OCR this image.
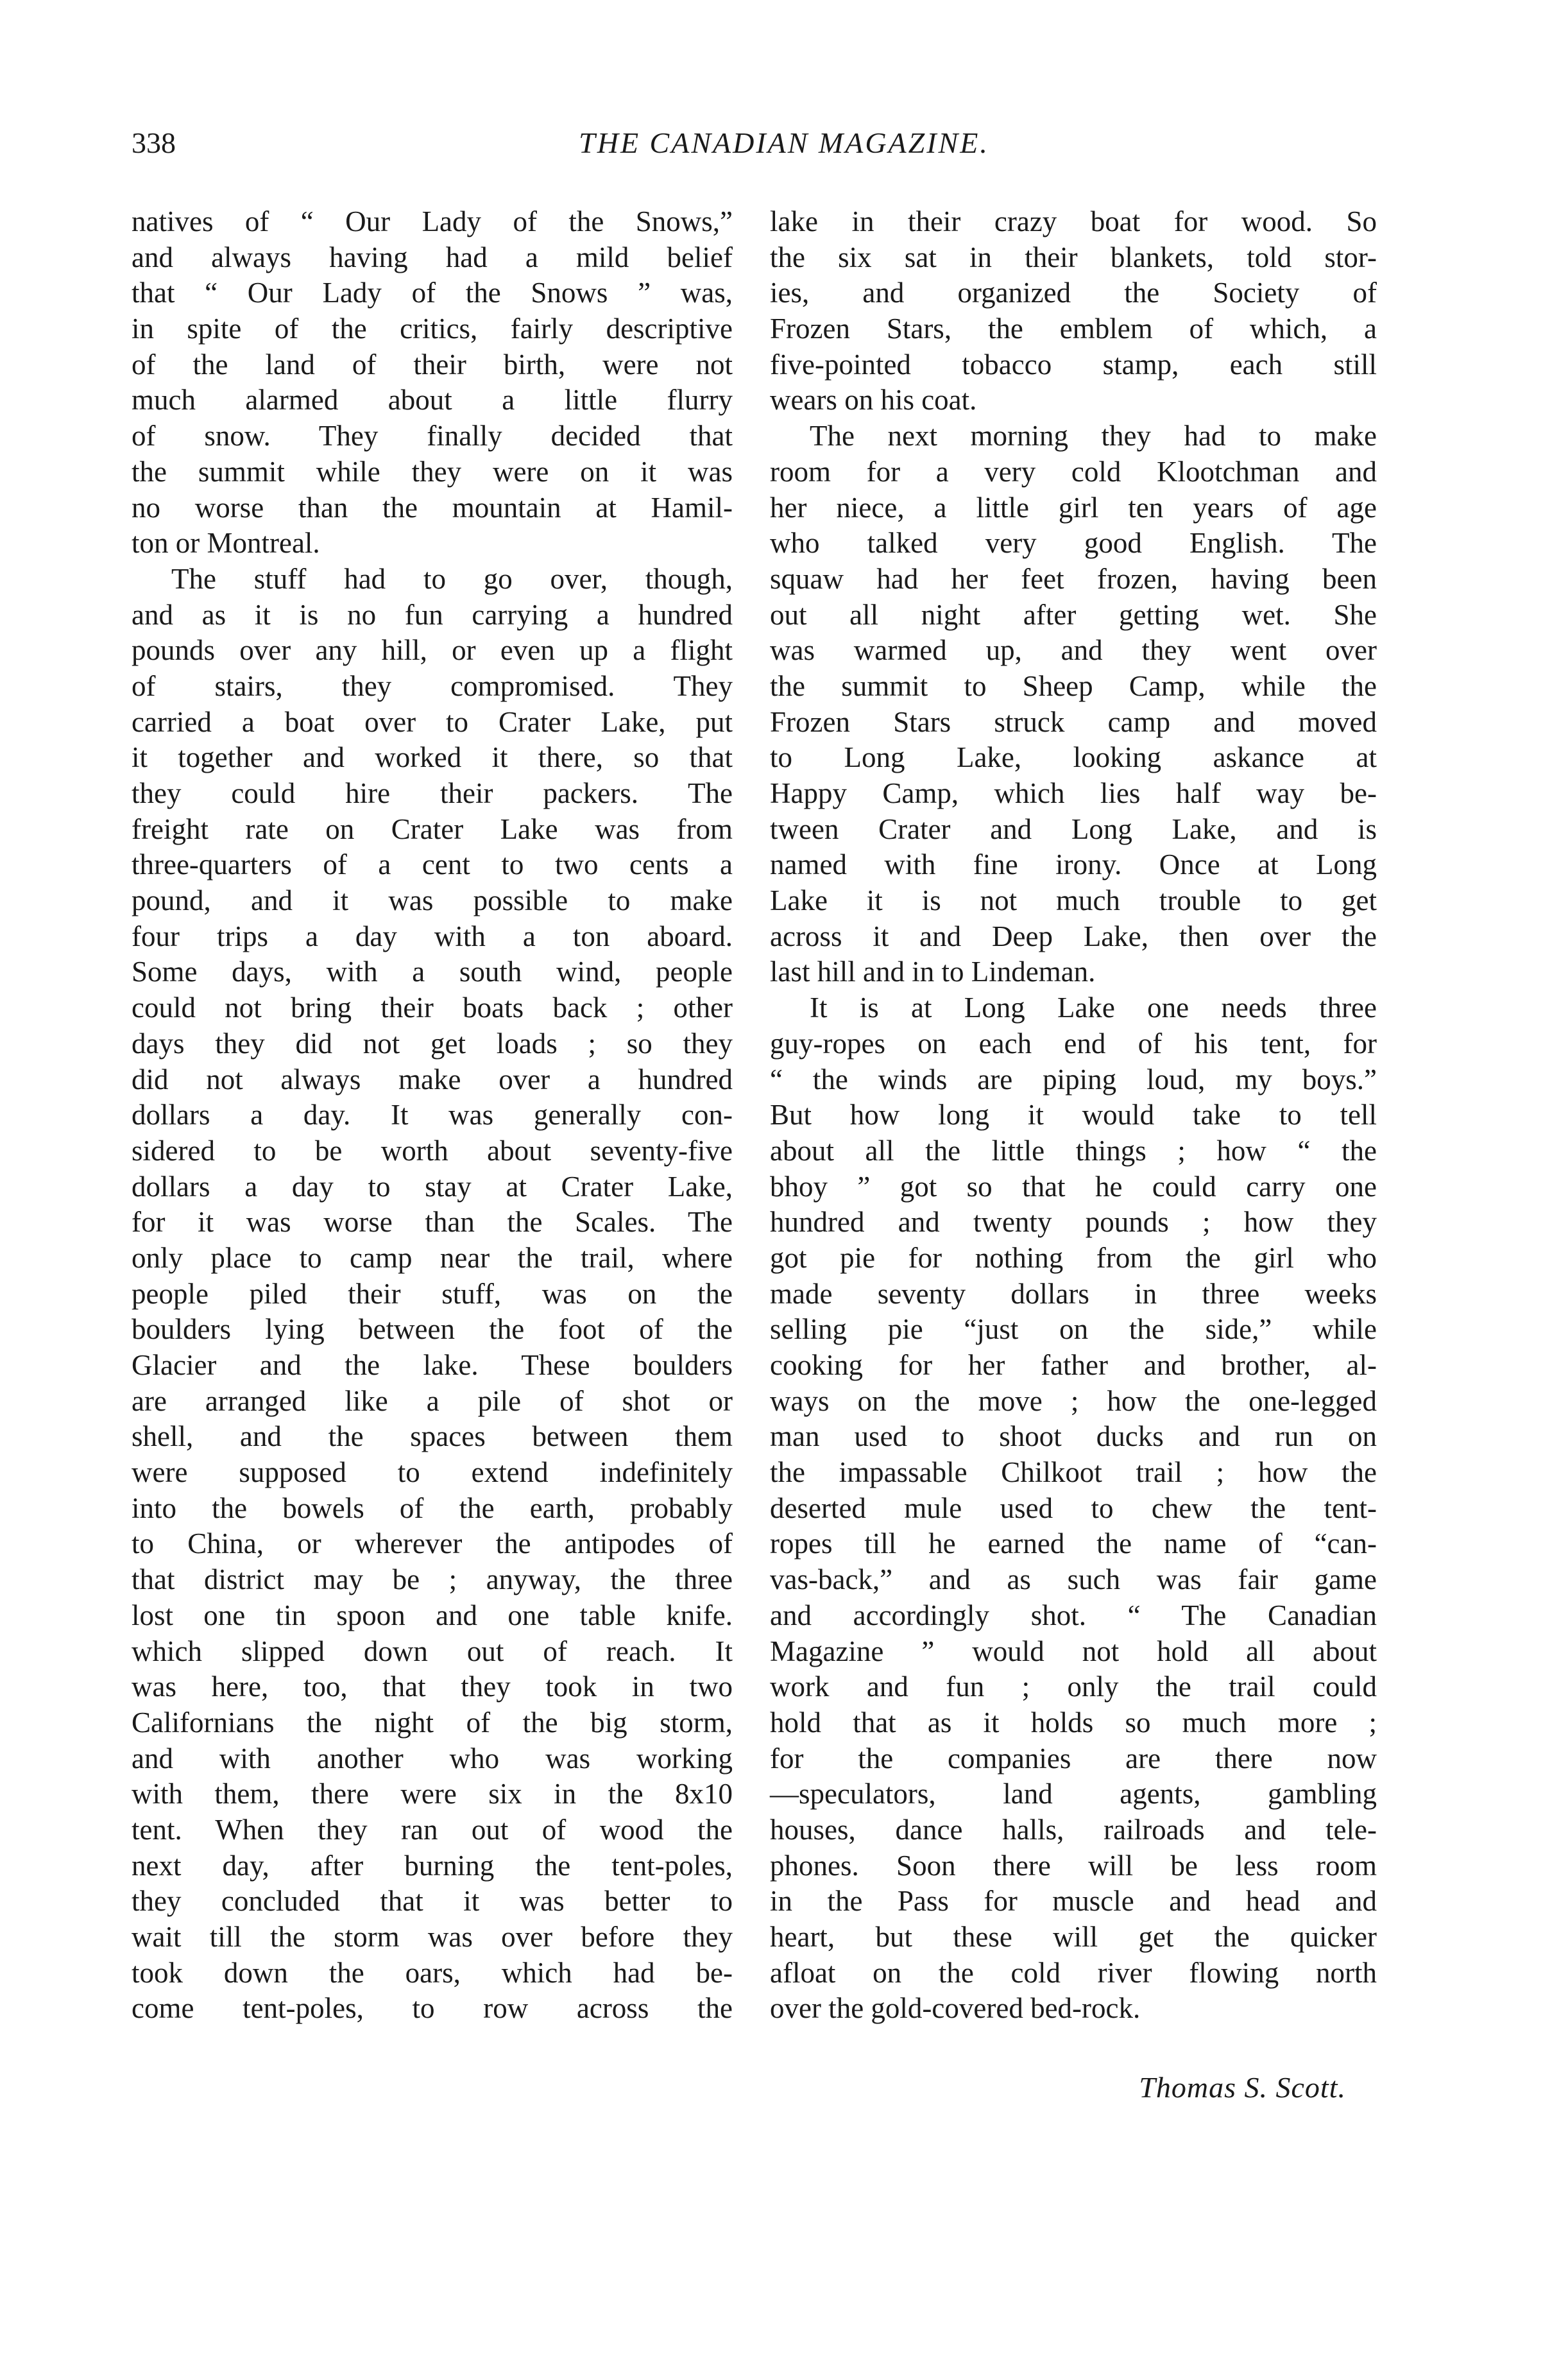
338	THE CANADIAN MAGAZINE.
natives of “ Our Lady of the Snows,”
and always having had a mild belief
that “ Our Lady of the Snows ” was,
in spite of the critics, fairly descriptive
of the land of their birth, were not
much alarmed about a little flurry
of snow. They finally decided that
the summit while they were on it was
no worse than the mountain at Hamil-
ton or Montreal.
The stuff had to go over, though,
and as it is no fun carrying a hundred
pounds over any hill, or even up a flight
of stairs, they compromised. They
carried a boat over to Crater Lake, put
it together and worked it there, so that
they could hire their packers. The
freight rate on Crater Lake was from
three-quarters of a cent to two cents a
pound, and it was possible to make
four trips a day with a ton aboard.
Some days, with a south wind, people
could not bring their boats back ; other
days they did not get loads ; so they
did not always make over a hundred
dollars a day. It was generally con-
sidered to be worth about seventy-five
dollars a day to stay at Crater Lake,
for it was worse than the Scales. The
only place to camp near the trail, where
people piled their stuff, was on the
boulders lying between the foot of the
Glacier and the lake. These boulders
are arranged like a pile of shot or
shell, and the spaces between them
were supposed to extend indefinitely
into the bowels of the earth, probably
to China, or wherever the antipodes of
that district may be ; anyway, the three
lost one tin spoon and one table knife.
which slipped down out of reach. It
was here, too, that they took in two
Californians the night of the big storm,
and with another who was working
with them, there were six in the 8x10
tent. When they ran out of wood the
next day, after burning the tent-poles,
they concluded that it was better to
wait till the storm was over before they
took down the oars, which had be-
come tent-poles, to row across the
lake in their crazy boat for wood. So
the six sat in their blankets, told stor-
ies, and organized the Society of
Frozen Stars, the emblem of which, a
five-pointed tobacco stamp, each still
wears on his coat.
The next morning they had to make
room for a very cold Klootchman and
her niece, a little girl ten years of age
who talked very good English. The
squaw had her feet frozen, having been
out all night after getting wet. She
was warmed up, and they went over
the summit to Sheep Camp, while the
Frozen Stars struck camp and moved
to Long Lake, looking askance at
Happy Camp, which lies half way be-
tween Crater and Long Lake, and is
named with fine irony. Once at Long
Lake it is not much trouble to get
across it and Deep Lake, then over the
last hill and in to Lindeman.
It is at Long Lake one needs three
guy-ropes on each end of his tent, for
“ the winds are piping loud, my boys.”
But how long it would take to tell
about all the little things ; how “ the
bhoy ” got so that he could carry one
hundred and twenty pounds ; how they
got pie for nothing from the girl who
made seventy dollars in three weeks
selling pie “just on the side,” while
cooking for her father and brother, al-
ways on the move ; how the one-legged
man used to shoot ducks and run on
the impassable Chilkoot trail ; how the
deserted mule used to chew the tent-
ropes till he earned the name of “can-
vas-back,” and as such was fair game
and accordingly shot. “ The Canadian
Magazine ” would not hold all about
work and fun ; only the trail could
hold that as it holds so much more ;
for the companies are there now
—speculators, land agents, gambling
houses, dance halls, railroads and tele-
phones. Soon there will be less room
in the Pass for muscle and head and
heart, but these will get the quicker
afloat on the cold river flowing north
over the gold-covered bed-rock.
Thomas S. Scott.
